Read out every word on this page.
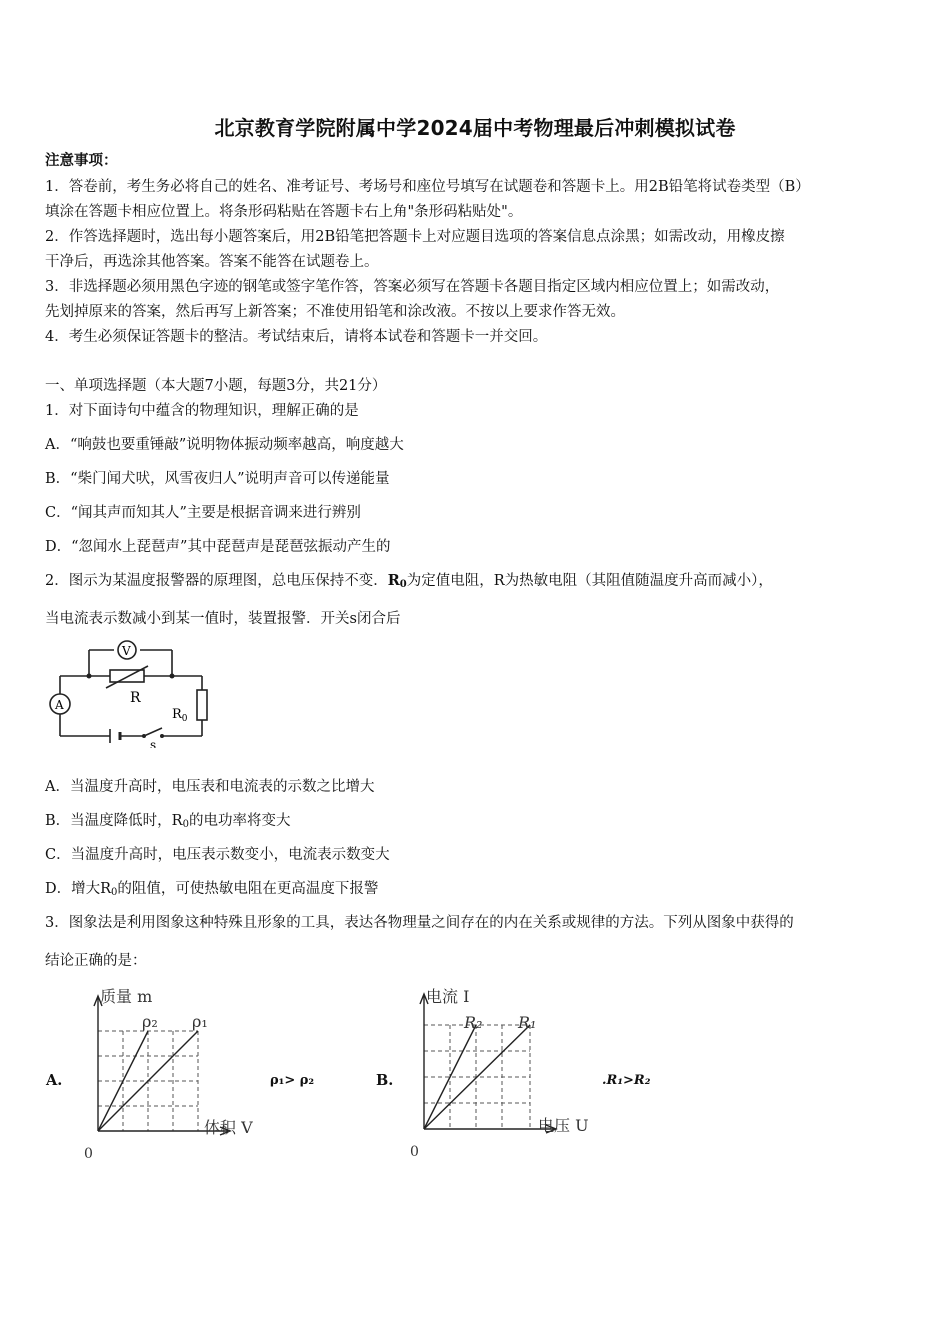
北京教育学院附属中学2024届中考物理最后冲刺模拟试卷
注意事项：
1．答卷前，考生务必将自己的姓名、准考证号、考场号和座位号填写在试题卷和答题卡上。用2B铅笔将试卷类型（B）
填涂在答题卡相应位置上。将条形码粘贴在答题卡右上角"条形码粘贴处"。
2．作答选择题时，选出每小题答案后，用2B铅笔把答题卡上对应题目选项的答案信息点涂黑；如需改动，用橡皮擦
干净后，再选涂其他答案。答案不能答在试题卷上。
3．非选择题必须用黑色字迹的钢笔或签字笔作答，答案必须写在答题卡各题目指定区域内相应位置上；如需改动，
先划掉原来的答案，然后再写上新答案；不准使用铅笔和涂改液。不按以上要求作答无效。
4．考生必须保证答题卡的整洁。考试结束后，请将本试卷和答题卡一并交回。
一、单项选择题（本大题7小题，每题3分，共21分）
1．对下面诗句中蕴含的物理知识，理解正确的是
A．“响鼓也要重锤敲”说明物体振动频率越高，响度越大
B．“柴门闻犬吠，风雪夜归人”说明声音可以传递能量
C．“闻其声而知其人”主要是根据音调来进行辨别
D．“忽闻水上琵琶声”其中琵琶声是琵琶弦振动产生的
2．图示为某温度报警器的原理图，总电压保持不变．$R_0$为定值电阻，R为热敏电阻（其阻值随温度升高而减小），
当电流表示数减小到某一值时，装置报警．开关s闭合后
V
A	R
$R_0$
s
A．当温度升高时，电压表和电流表的示数之比增大
B．当温度降低时，$R_0$的电功率将变大
C．当温度升高时，电压表示数变小，电流表示数变大
D．增大$R_0$的阻值，可使热敏电阻在更高温度下报警
3．图象法是利用图象这种特殊且形象的工具，表达各物理量之间存在的内在关系或规律的方法。下列从图象中获得的
结论正确的是：
A.
质量 m
体积 V
0
ρ₂ ρ₁
ρ₁> ρ₂	B.
电流 I
电压 U
0
R₂ R₁
.R₁>R₂
